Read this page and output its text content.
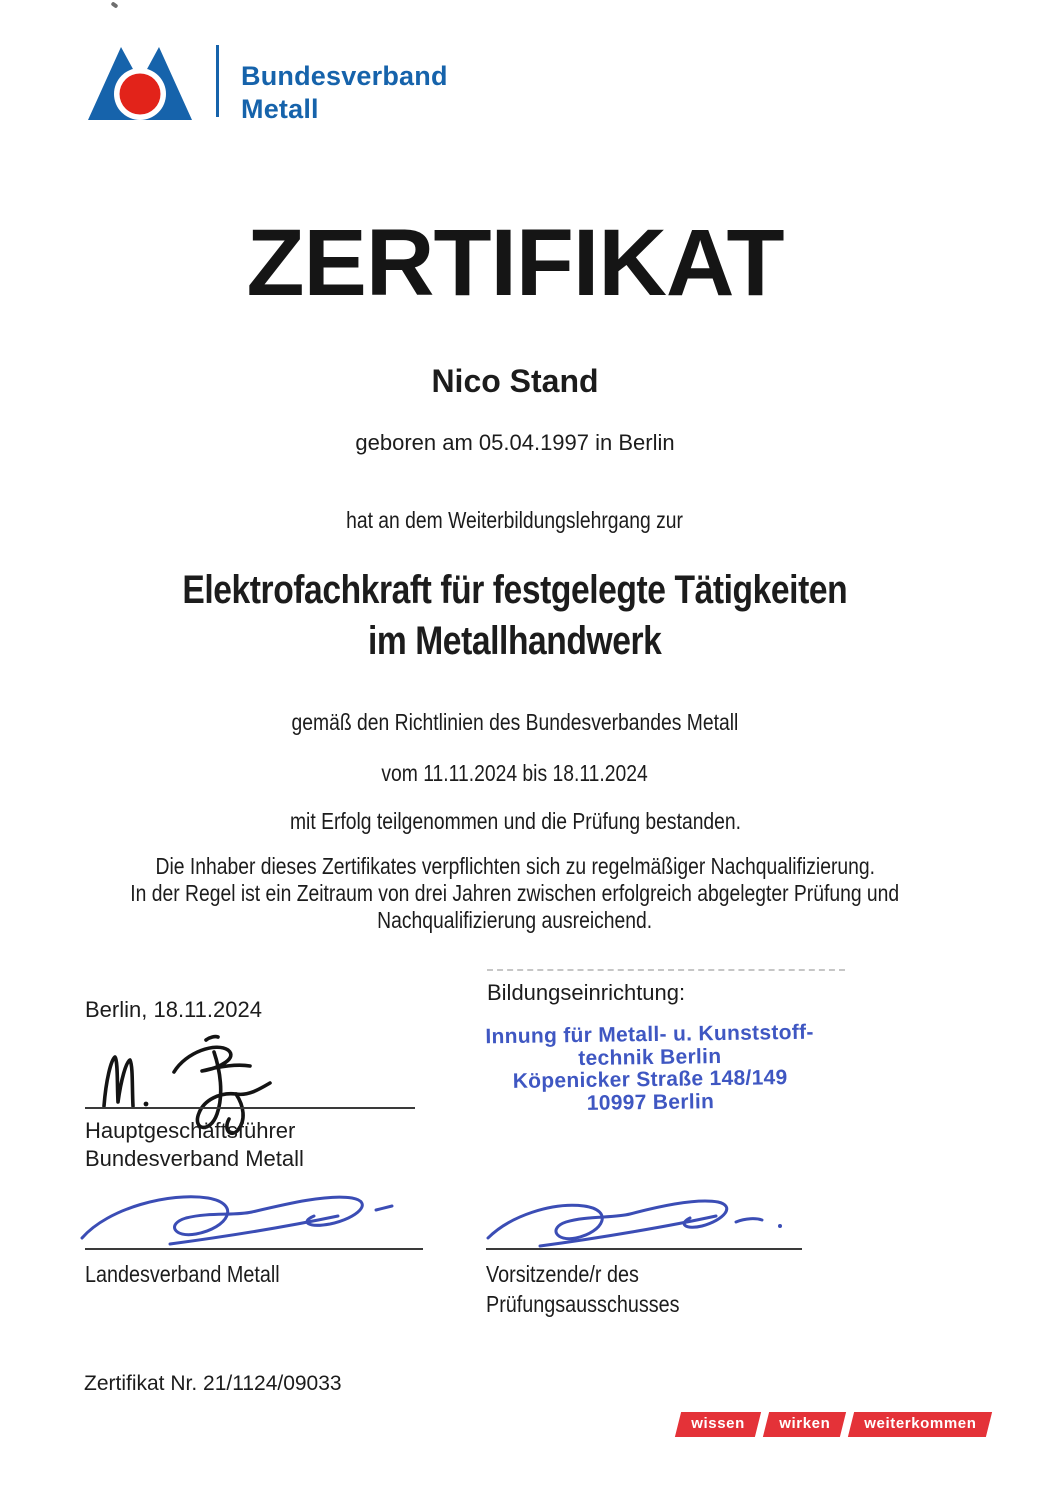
Bundesverband
Metall
ZERTIFIKAT
Nico Stand
geboren am 05.04.1997 in Berlin
hat an dem Weiterbildungslehrgang zur
Elektrofachkraft für festgelegte Tätigkeiten
im Metallhandwerk
gemäß den Richtlinien des Bundesverbandes Metall
vom 11.11.2024 bis 18.11.2024
mit Erfolg teilgenommen und die Prüfung bestanden.
Die Inhaber dieses Zertifikates verpflichten sich zu regelmäßiger Nachqualifizierung.
In der Regel ist ein Zeitraum von drei Jahren zwischen erfolgreich abgelegter Prüfung und
Nachqualifizierung ausreichend.
Berlin, 18.11.2024
Hauptgeschäftsführer
Bundesverband Metall
Bildungseinrichtung:
Innung für Metall- u. Kunststoff-
technik Berlin
Köpenicker Straße 148/149
10997 Berlin
Landesverband Metall	Vorsitzende/r des
Prüfungsausschusses
Zertifikat Nr. 21/1124/09033
wissen	wirken	weiterkommen
